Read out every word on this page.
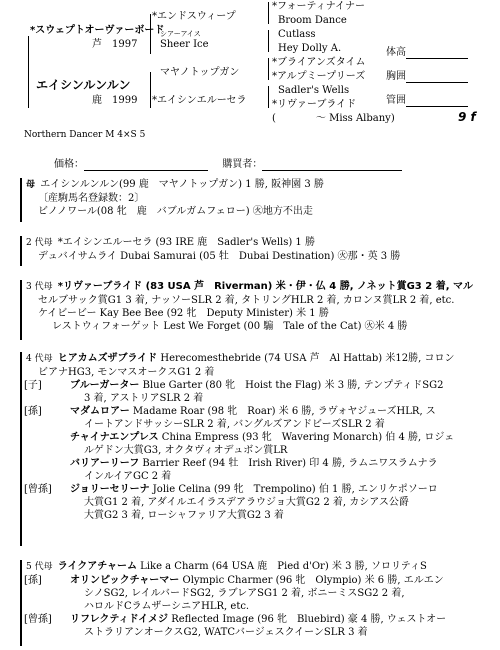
*スウェプトオーヴァーボード
芦　1997
エイシンルンルン
鹿　1999
*エンドスウィープ
シアーアイス
Sheer Ice
マヤノトップガン
*エイシンエルーセラ
*フォーティナイナー
Broom Dance
Cutlass
Hey Dolly A.
*ブライアンズタイム
*アルプミープリーズ
Sadler's Wells
*リヴァーブライド
(　　　　～ Miss Albany)	9 f
体高
胸囲
管囲
Northern Dancer M 4×S 5
価格：	購買者：
母 エイシンルンルン(99 鹿　マヤノトップガン) 1 勝, 阪神園 3 勝
〔産駒馬名登録数：2〕
ビノノワール(08 牝　鹿　バブルガムフェロー) ㊋地方不出走
2 代母 *エイシンエルーセラ (93 IRE 鹿　Sadler's Wells) 1 勝
デュバイサムライ Dubai Samurai (05 牡　Dubai Destination) ㊋那・英 3 勝
3 代母 *リヴァーブライド (83 USA 芦　Riverman) 米・伊・仏 4 勝, ノネット賞G3 2 着, マル
セルブサック賞G1 3 着, ナッソーSLR 2 着, タトリングHLR 2 着, カロンヌ賞LR 2 着, etc.
ケイビービー Kay Bee Bee (92 牝　Deputy Minister) 米 1 勝
レストウィフォーゲット Lest We Forget (00 騸　Tale of the Cat) ㊋米 4 勝
4 代母 ヒアカムズザブライド Herecomesthebride (74 USA 芦　Al Hattab) 米12勝, コロン
ビアナHG3, モンマスオークスG1 2 着
[子]	ブルーガーター Blue Garter (80 牝　Hoist the Flag) 米 3 勝, テンプティドSG2
3 着, アストリアSLR 2 着
[孫]	マダムロアー Madame Roar (98 牝　Roar) 米 6 勝, ラヴォヤジューズHLR, ス
イートアンドサッシーSLR 2 着, バングルズアンドビーズSLR 2 着
チャイナエンプレス China Empress (93 牝　Wavering Monarch) 伯 4 勝, ロジェ
ルゲドン大賞G3, オクタヴィオデュボン賞LR
バリアーリーフ Barrier Reef (94 牡　Irish River) 印 4 勝, ラムニワスラムナラ
インルイアGC 2 着
[曾孫] ジョリーセリーナ Jolie Celina (99 牝　Trempolino) 伯 1 勝, エンリケポソーロ
大賞G1 2 着, アダイルエイラスデアラウジョ大賞G2 2 着, カシアス公爵
大賞G2 3 着, ローシャファリア大賞G2 3 着
5 代母 ライクアチャーム Like a Charm (64 USA 鹿　Pied d'Or) 米 3 勝, ソロリティS
[孫]	オリンピックチャーマー Olympic Charmer (96 牝　Olympio) 米 6 勝, エルエン
シノSG2, レイルバードSG2, ラブレアSG1 2 着, ボニーミスSG2 2 着,
ハロルドCラムザーシニアHLR, etc.
[曾孫] リフレクティドイメジ Reflected Image (96 牝　Bluebird) 豪 4 勝, ウェストオー
ストラリアンオークスG2, WATCバージェスクイーンSLR 3 着
